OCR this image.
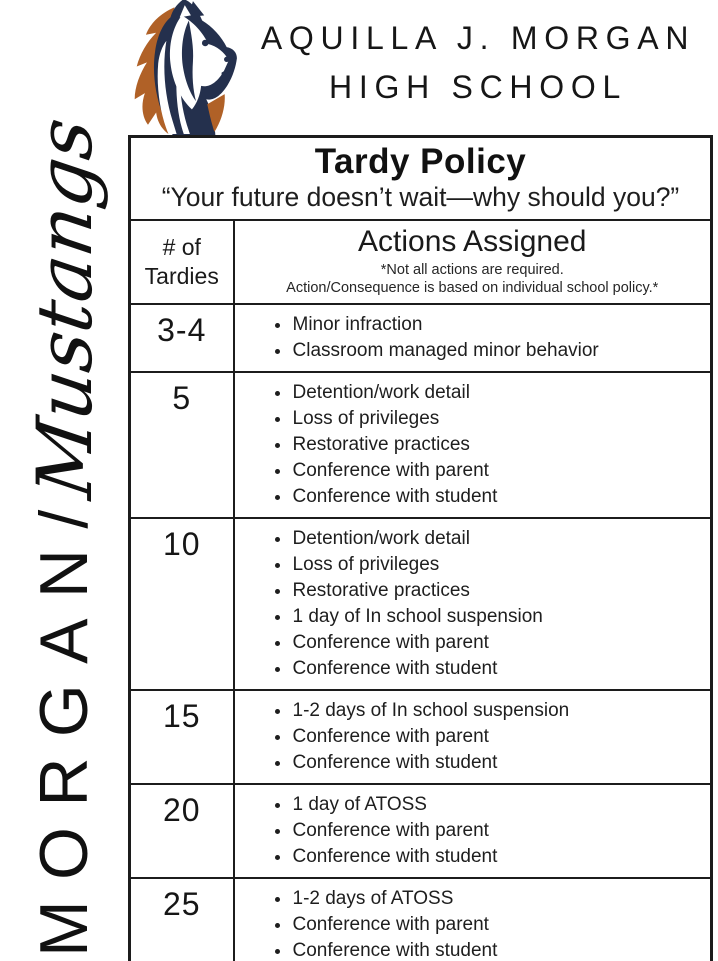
AQUILLA J. MORGAN
HIGH SCHOOL
MORGAN/
Mustangs	Tardy Policy
“Your future doesn’t wait—why should you?”	

# of
Tardies

Actions Assigned
*Not all actions are required.
Action/Consequence is based on individual school policy.*

3-4	
•Minor infraction
• Classroom managed minor behavior

5	
•Detention/work detail
• Loss of privileges
• Restorative practices
• Conference with parent
• Conference with student

10	
•Detention/work detail
• Loss of privileges
• Restorative practices
• 1 day of In school suspension
• Conference with parent
• Conference with student

15	
•1-2 days of In school suspension
• Conference with parent
• Conference with student

20	
•1 day of ATOSS
• Conference with parent
• Conference with student

25	
•1-2 days of ATOSS
• Conference with parent
• Conference with student
